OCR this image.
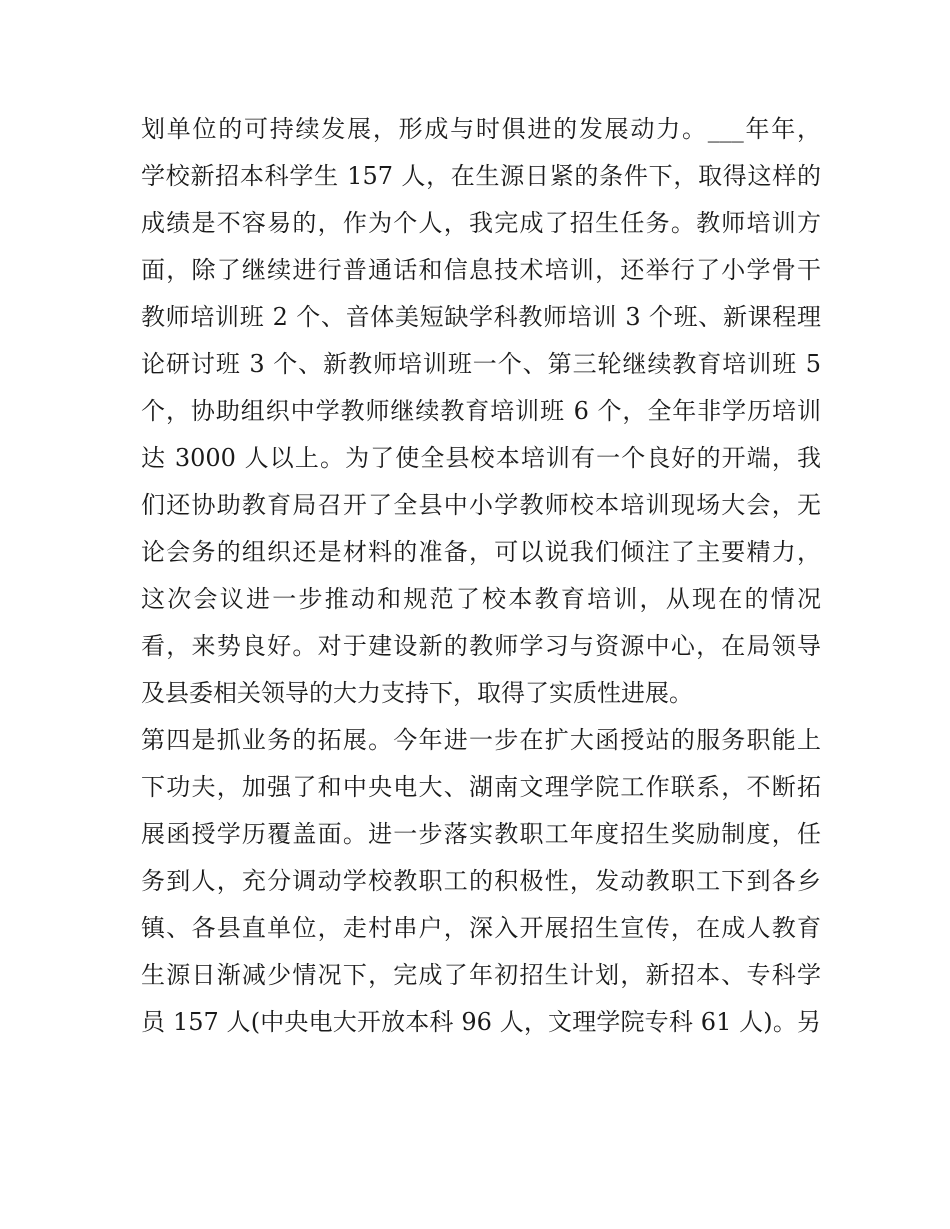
划单位的可持续发展，形成与时俱进的发展动力。___年年，
学校新招本科学生 157 人，在生源日紧的条件下，取得这样的
成绩是不容易的，作为个人，我完成了招生任务。教师培训方
面，除了继续进行普通话和信息技术培训，还举行了小学骨干
教师培训班 2 个、音体美短缺学科教师培训 3 个班、新课程理
论研讨班 3 个、新教师培训班一个、第三轮继续教育培训班 5
个，协助组织中学教师继续教育培训班 6 个，全年非学历培训
达 3000 人以上。为了使全县校本培训有一个良好的开端，我
们还协助教育局召开了全县中小学教师校本培训现场大会，无
论会务的组织还是材料的准备，可以说我们倾注了主要精力，
这次会议进一步推动和规范了校本教育培训，从现在的情况
看，来势良好。对于建设新的教师学习与资源中心，在局领导
及县委相关领导的大力支持下，取得了实质性进展。
第四是抓业务的拓展。今年进一步在扩大函授站的服务职能上
下功夫，加强了和中央电大、湖南文理学院工作联系，不断拓
展函授学历覆盖面。进一步落实教职工年度招生奖励制度，任
务到人，充分调动学校教职工的积极性，发动教职工下到各乡
镇、各县直单位，走村串户，深入开展招生宣传，在成人教育
生源日渐减少情况下，完成了年初招生计划，新招本、专科学
员 157 人(中央电大开放本科 96 人，文理学院专科 61 人)。另
